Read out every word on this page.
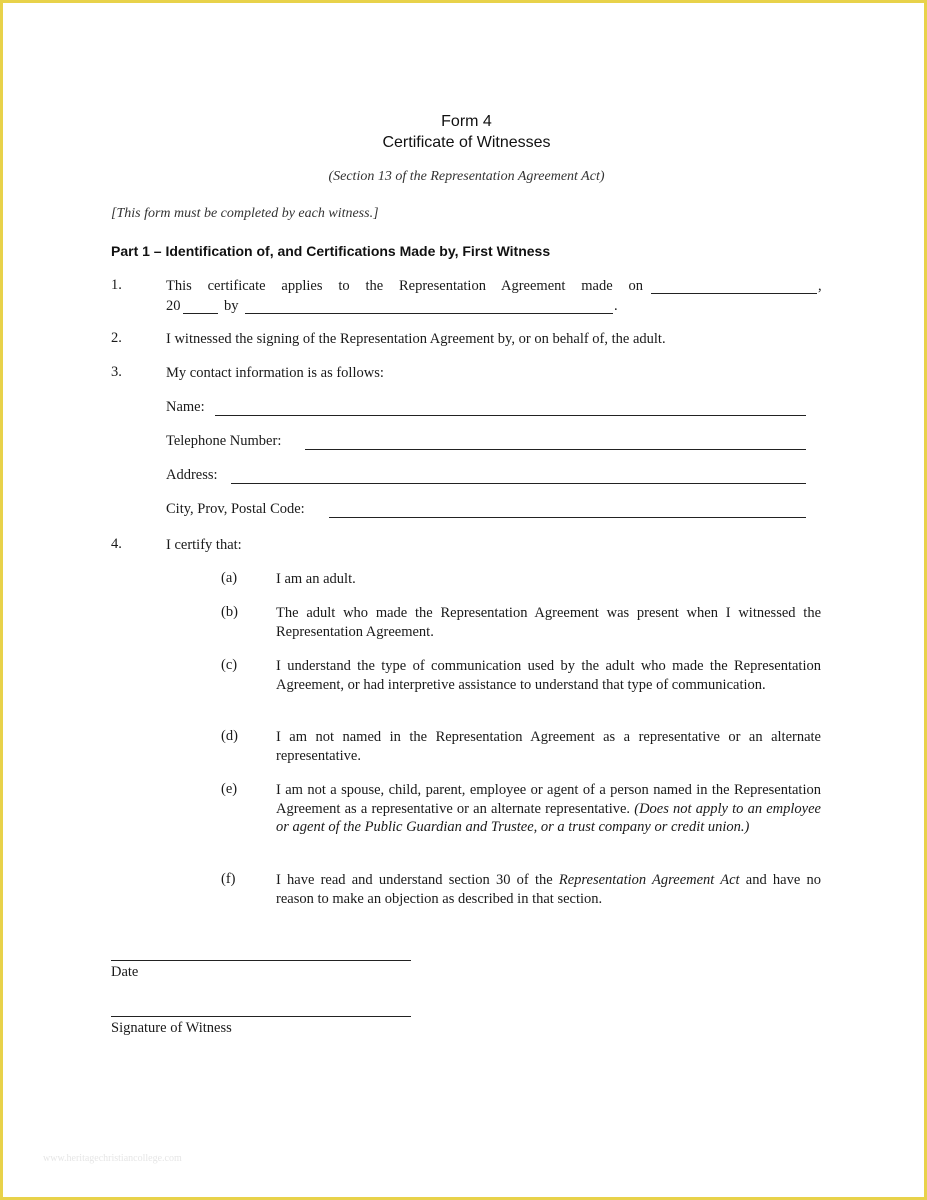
Form 4
Certificate of Witnesses
(Section 13 of the Representation Agreement Act)
[This form must be completed by each witness.]
Part 1 – Identification of, and Certifications Made by, First Witness
1.	This certificate applies to the Representation Agreement made on	,
20	by	.
2.	I witnessed the signing of the Representation Agreement by, or on behalf of, the adult.
3.	My contact information is as follows:
Name:
Telephone Number:
Address:
City, Prov, Postal Code:
4.	I certify that:
(a)	I am an adult.
(b)	The adult who made the Representation Agreement was present when I witnessed the Representation Agreement.
(c)	I understand the type of communication used by the adult who made the Representation Agreement, or had interpretive assistance to understand that type of communication.
(d)	I am not named in the Representation Agreement as a representative or an alternate representative.
(e)	I am not a spouse, child, parent, employee or agent of a person named in the Representation Agreement as a representative or an alternate representative. (Does not apply to an employee or agent of the Public Guardian and Trustee, or a trust company or credit union.)
(f)	I have read and understand section 30 of the Representation Agreement Act and have no reason to make an objection as described in that section.
Date
Signature of Witness
www.heritagechristiancollege.com
